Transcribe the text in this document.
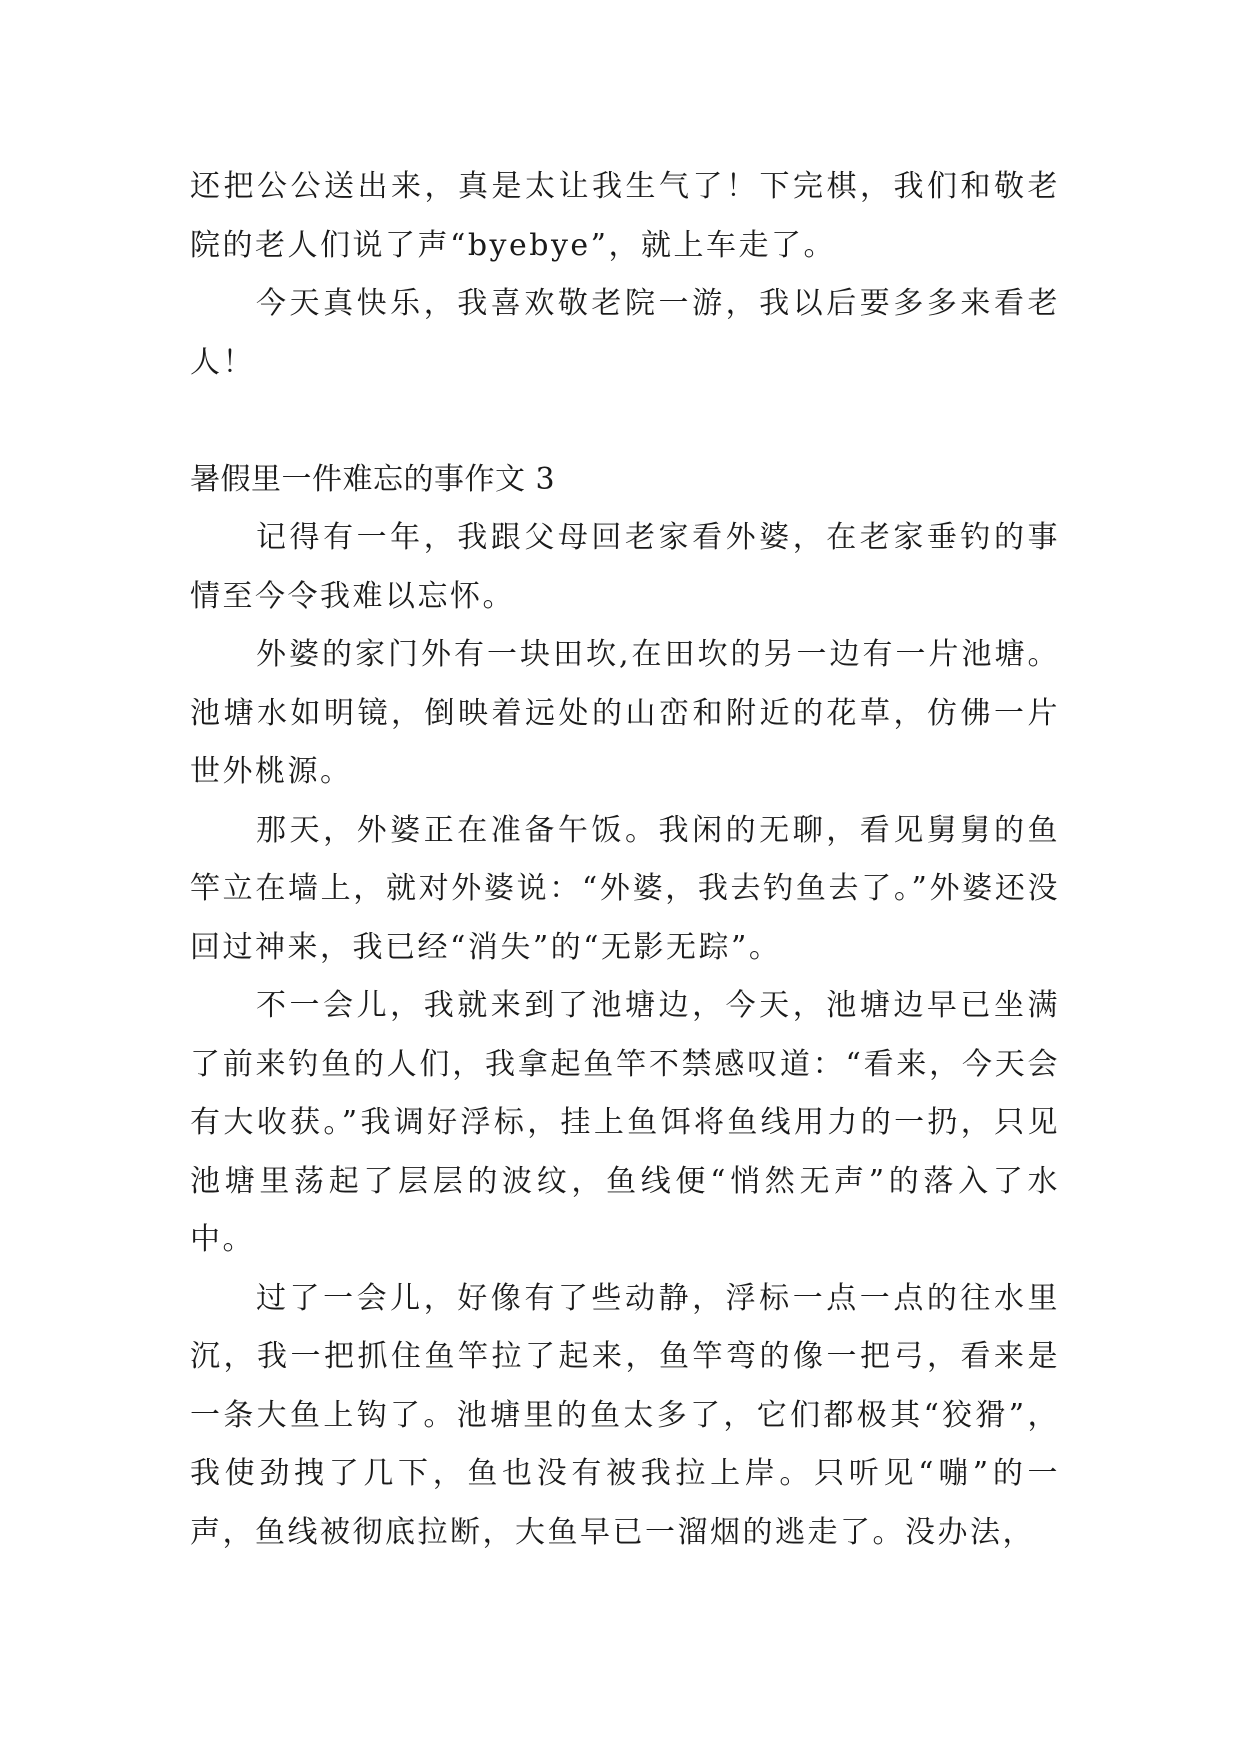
还把公公送出来，真是太让我生气了！下完棋，我们和敬老院的老人们说了声“byebye”，就上车走了。

今天真快乐，我喜欢敬老院一游，我以后要多多来看老人！

暑假里一件难忘的事作文 3

记得有一年，我跟父母回老家看外婆，在老家垂钓的事情至今令我难以忘怀。

外婆的家门外有一块田坎,在田坎的另一边有一片池塘。池塘水如明镜，倒映着远处的山峦和附近的花草，仿佛一片世外桃源。

那天，外婆正在准备午饭。我闲的无聊，看见舅舅的鱼竿立在墙上，就对外婆说：“外婆，我去钓鱼去了。”外婆还没回过神来，我已经“消失”的“无影无踪”。

不一会儿，我就来到了池塘边，今天，池塘边早已坐满了前来钓鱼的人们，我拿起鱼竿不禁感叹道：“看来，今天会有大收获。”我调好浮标，挂上鱼饵将鱼线用力的一扔，只见池塘里荡起了层层的波纹，鱼线便“悄然无声”的落入了水中。

过了一会儿，好像有了些动静，浮标一点一点的往水里沉，我一把抓住鱼竿拉了起来，鱼竿弯的像一把弓，看来是一条大鱼上钩了。池塘里的鱼太多了，它们都极其“狡猾”，我使劲拽了几下，鱼也没有被我拉上岸。只听见“嘣”的一声，鱼线被彻底拉断，大鱼早已一溜烟的逃走了。没办法，
